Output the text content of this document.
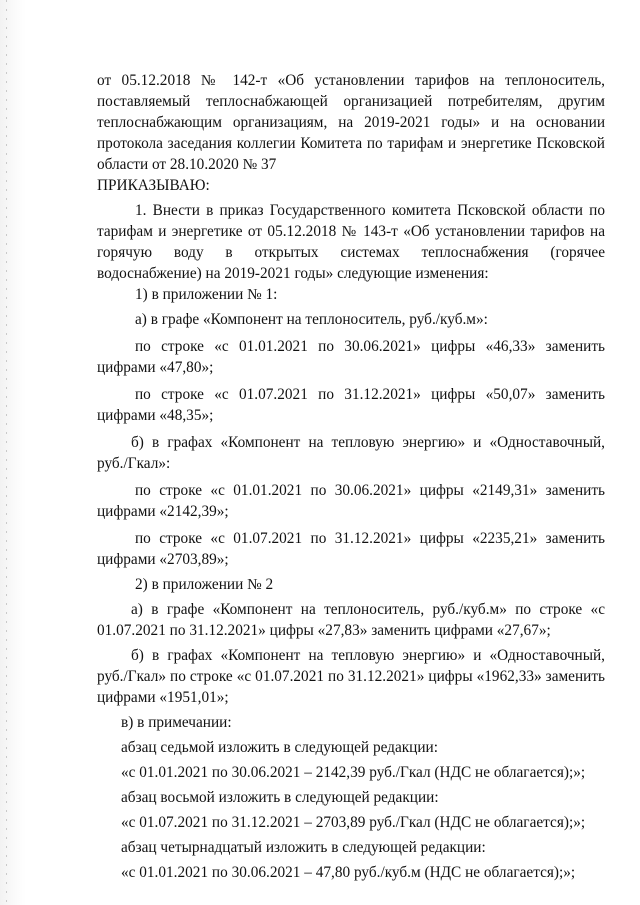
от 05.12.2018 № 142-т «Об установлении тарифов на теплоноситель, поставляемый теплоснабжающей организацией потребителям, другим теплоснабжающим организациям, на 2019-2021 годы» и на основании протокола заседания коллегии Комитета по тарифам и энергетике Псковской области от 28.10.2020 № 37

ПРИКАЗЫВАЮ:

1. Внести в приказ Государственного комитета Псковской области по тарифам и энергетике от 05.12.2018 № 143-т «Об установлении тарифов на горячую воду в открытых системах теплоснабжения (горячее водоснабжение) на 2019-2021 годы» следующие изменения:

1) в приложении № 1:

а) в графе «Компонент на теплоноситель, руб./куб.м»:

по строке «с 01.01.2021 по 30.06.2021» цифры «46,33» заменить цифрами «47,80»;

по строке «с 01.07.2021 по 31.12.2021» цифры «50,07» заменить цифрами «48,35»;

б) в графах «Компонент на тепловую энергию» и «Одноставочный, руб./Гкал»:

по строке «с 01.01.2021 по 30.06.2021» цифры «2149,31» заменить цифрами «2142,39»;

по строке «с 01.07.2021 по 31.12.2021» цифры «2235,21» заменить цифрами «2703,89»;

2) в приложении № 2

а) в графе «Компонент на теплоноситель, руб./куб.м» по строке «с 01.07.2021 по 31.12.2021» цифры «27,83» заменить цифрами «27,67»;

б) в графах «Компонент на тепловую энергию» и «Одноставочный, руб./Гкал» по строке «с 01.07.2021 по 31.12.2021» цифры «1962,33» заменить цифрами «1951,01»;

в) в примечании:

абзац седьмой изложить в следующей редакции:

«с 01.01.2021 по 30.06.2021 – 2142,39 руб./Гкал (НДС не облагается);»;

абзац восьмой изложить в следующей редакции:

«с 01.07.2021 по 31.12.2021 – 2703,89 руб./Гкал (НДС не облагается);»;

абзац четырнадцатый изложить в следующей редакции:

«с 01.01.2021 по 30.06.2021 – 47,80 руб./куб.м (НДС не облагается);»;
